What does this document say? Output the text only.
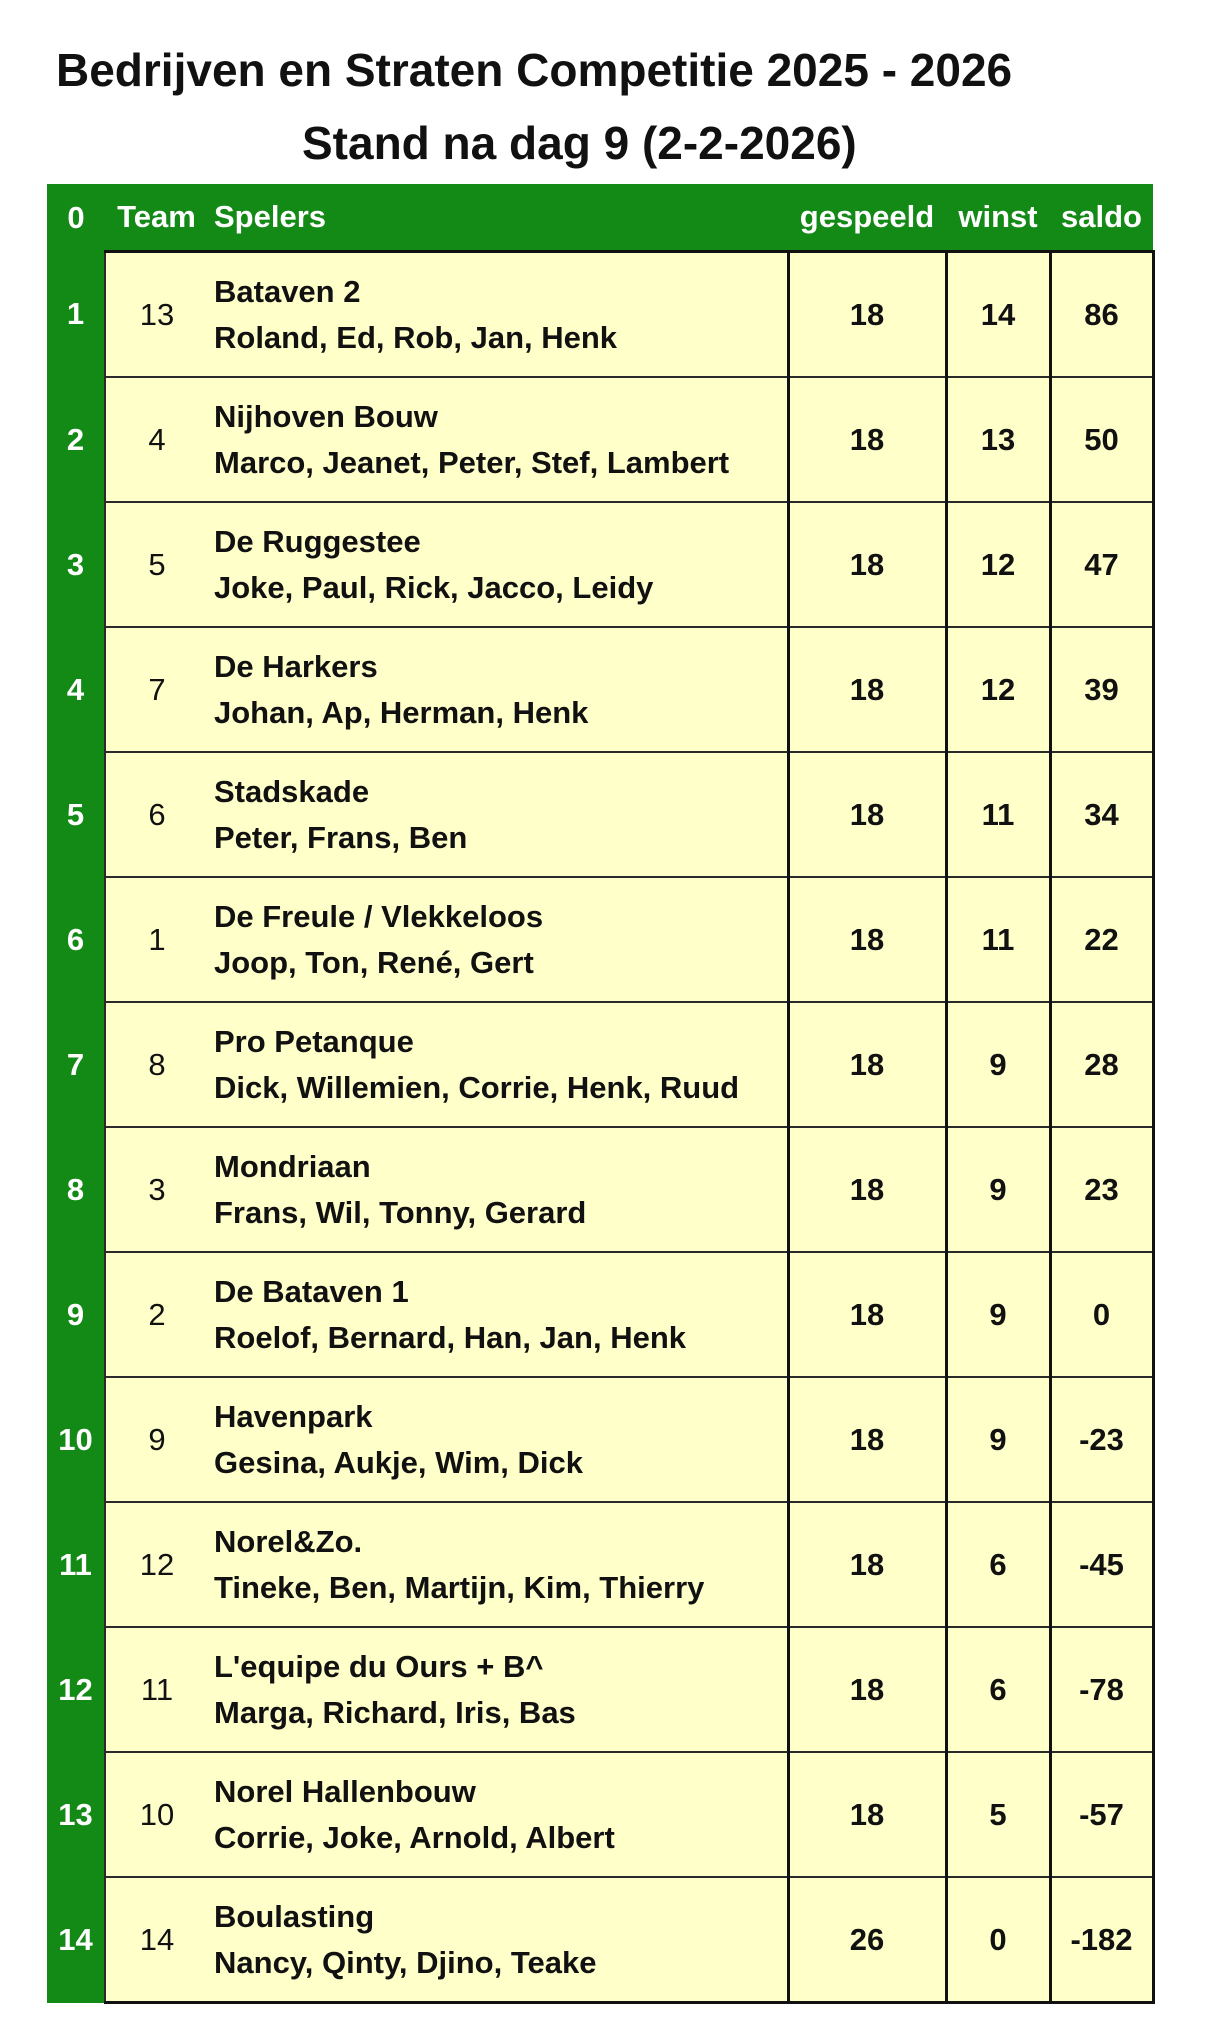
Bedrijven en Straten Competitie 2025 - 2026
Stand na dag 9 (2-2-2026)
0	Team	Spelers	gespeeld	winst	saldo
1	13	Bataven 2
Roland, Ed, Rob, Jan, Henk	18	14	86
2	4	Nijhoven Bouw
Marco, Jeanet, Peter, Stef, Lambert	18	13	50
3	5	De Ruggestee
Joke, Paul, Rick, Jacco, Leidy	18	12	47
4	7	De Harkers
Johan, Ap, Herman, Henk	18	12	39
5	6	Stadskade
Peter, Frans, Ben	18	11	34
6	1	De Freule / Vlekkeloos
Joop, Ton, René, Gert	18	11	22
7	8	Pro Petanque
Dick, Willemien, Corrie, Henk, Ruud	18	9	28
8	3	Mondriaan
Frans, Wil, Tonny, Gerard	18	9	23
9	2	De Bataven 1
Roelof, Bernard, Han, Jan, Henk	18	9	0
10	9	Havenpark
Gesina, Aukje, Wim, Dick	18	9	-23
11	12	Norel&Zo.
Tineke, Ben, Martijn, Kim, Thierry	18	6	-45
12	11	L'equipe du Ours + B^
Marga, Richard, Iris, Bas	18	6	-78
13	10	Norel Hallenbouw
Corrie, Joke, Arnold, Albert	18	5	-57
14	14	Boulasting
Nancy, Qinty, Djino, Teake	26	0	-182
